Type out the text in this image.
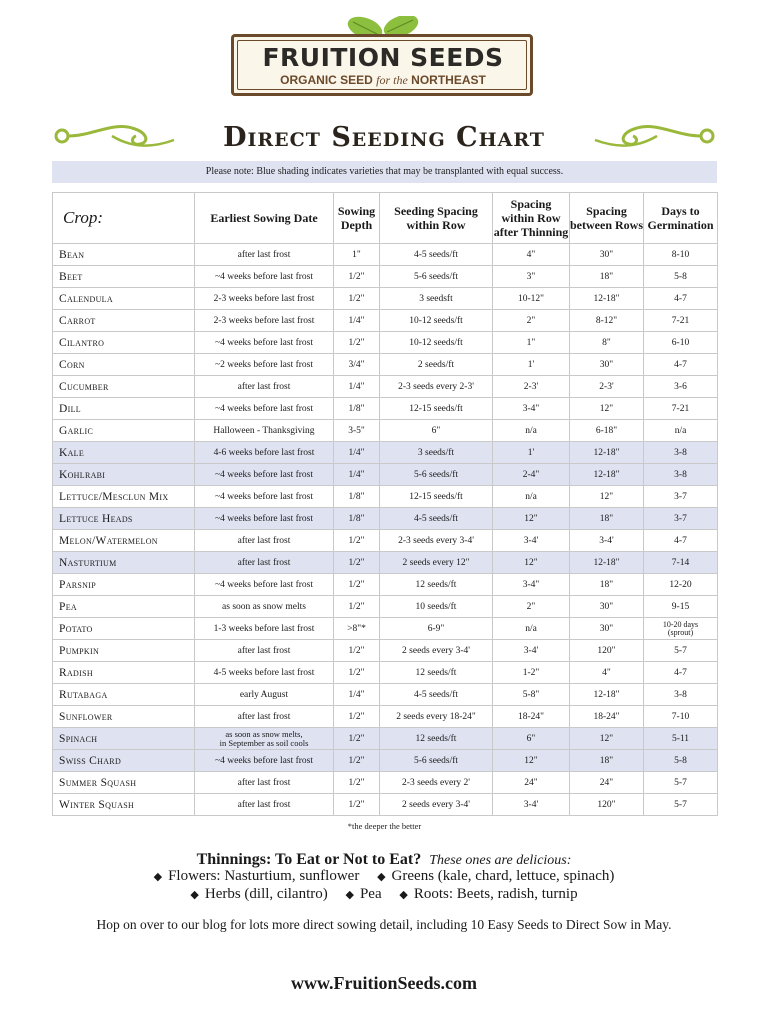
FRUITION SEEDS
ORGANIC SEED for the NORTHEAST
Direct Seeding Chart
Please note: Blue shading indicates varieties that may be transplanted with equal success.
Crop:	Earliest Sowing Date	Sowing Depth	Seeding Spacing within Row	Spacing within Row after Thinning	Spacing between Rows	Days to Germination
Bean	after last frost	1"	4-5 seeds/ft	4"	30"	8-10
Beet	~4 weeks before last frost	1/2"	5-6 seeds/ft	3"	18"	5-8
Calendula	2-3 weeks before last frost	1/2"	3 seedsft	10-12"	12-18"	4-7
Carrot	2-3 weeks before last frost	1/4"	10-12 seeds/ft	2"	8-12"	7-21
Cilantro	~4 weeks before last frost	1/2"	10-12 seeds/ft	1"	8"	6-10
Corn	~2 weeks before last frost	3/4"	2 seeds/ft	1'	30"	4-7
Cucumber	after last frost	1/4"	2-3 seeds every 2-3'	2-3'	2-3'	3-6
Dill	~4 weeks before last frost	1/8"	12-15 seeds/ft	3-4"	12"	7-21
Garlic	Halloween - Thanksgiving	3-5"	6"	n/a	6-18"	n/a
Kale	4-6 weeks before last frost	1/4"	3 seeds/ft	1'	12-18"	3-8
Kohlrabi	~4 weeks before last frost	1/4"	5-6 seeds/ft	2-4"	12-18"	3-8
Lettuce/Mesclun Mix	~4 weeks before last frost	1/8"	12-15 seeds/ft	n/a	12"	3-7
Lettuce Heads	~4 weeks before last frost	1/8"	4-5 seeds/ft	12"	18"	3-7
Melon/Watermelon	after last frost	1/2"	2-3 seeds every 3-4'	3-4'	3-4'	4-7
Nasturtium	after last frost	1/2"	2 seeds every 12"	12"	12-18"	7-14
Parsnip	~4 weeks before last frost	1/2"	12 seeds/ft	3-4"	18"	12-20
Pea	as soon as snow melts	1/2"	10 seeds/ft	2"	30"	9-15
Potato	1-3 weeks before last frost	>8"*	6-9"	n/a	30"	10-20 days
(sprout)

Pumpkin	after last frost	1/2"	2 seeds every 3-4'	3-4'	120"	5-7
Radish	4-5 weeks before last frost	1/2"	12 seeds/ft	1-2"	4"	4-7
Rutabaga	early August	1/4"	4-5 seeds/ft	5-8"	12-18"	3-8
Sunflower	after last frost	1/2"	2 seeds every 18-24"	18-24"	18-24"	7-10
Spinach	as soon as snow melts,
in September as soil cools	1/2"	12 seeds/ft	6"	12"	5-11
Swiss Chard	~4 weeks before last frost	1/2"	5-6 seeds/ft	12"	18"	5-8
Summer Squash	after last frost	1/2"	2-3 seeds every 2'	24"	24"	5-7
Winter Squash	after last frost	1/2"	2 seeds every 3-4'	3-4'	120"	5-7
*the deeper the better
Thinnings: To Eat or Not to Eat? These ones are delicious:
◆ Flowers: Nasturtium, sunflower ◆ Greens (kale, chard, lettuce, spinach)
◆ Herbs (dill, cilantro) ◆ Pea ◆ Roots: Beets, radish, turnip
Hop on over to our blog for lots more direct sowing detail, including 10 Easy Seeds to Direct Sow in May.
www.FruitionSeeds.com
